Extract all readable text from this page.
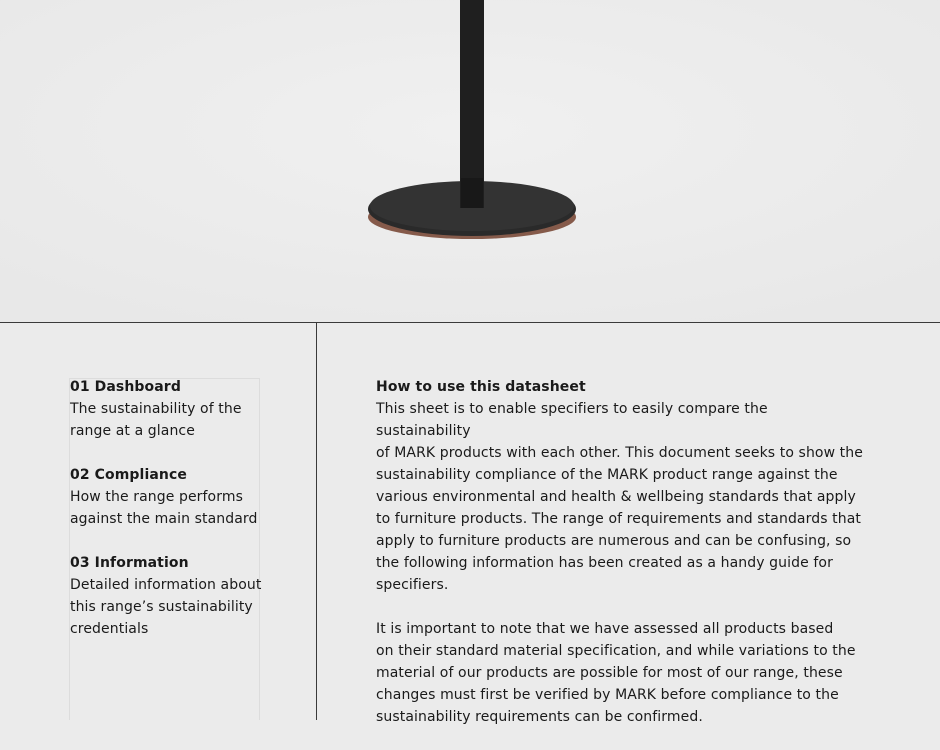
01 Dashboard
The sustainability of the
range at a glance
02 Compliance
How the range performs
against the main standard
03 Information
Detailed information about
this range’s sustainability
credentials
How to use this datasheet

This sheet is to enable specifiers to easily compare the sustainability
of MARK products with each other. This document seeks to show the
sustainability compliance of the MARK product range against the
various environmental and health & wellbeing standards that apply
to furniture products. The range of requirements and standards that
apply to furniture products are numerous and can be confusing, so
the following information has been created as a handy guide for
specifiers.

It is important to note that we have assessed all products based
on their standard material specification, and while variations to the
material of our products are possible for most of our range, these
changes must first be verified by MARK before compliance to the
sustainability requirements can be confirmed.
